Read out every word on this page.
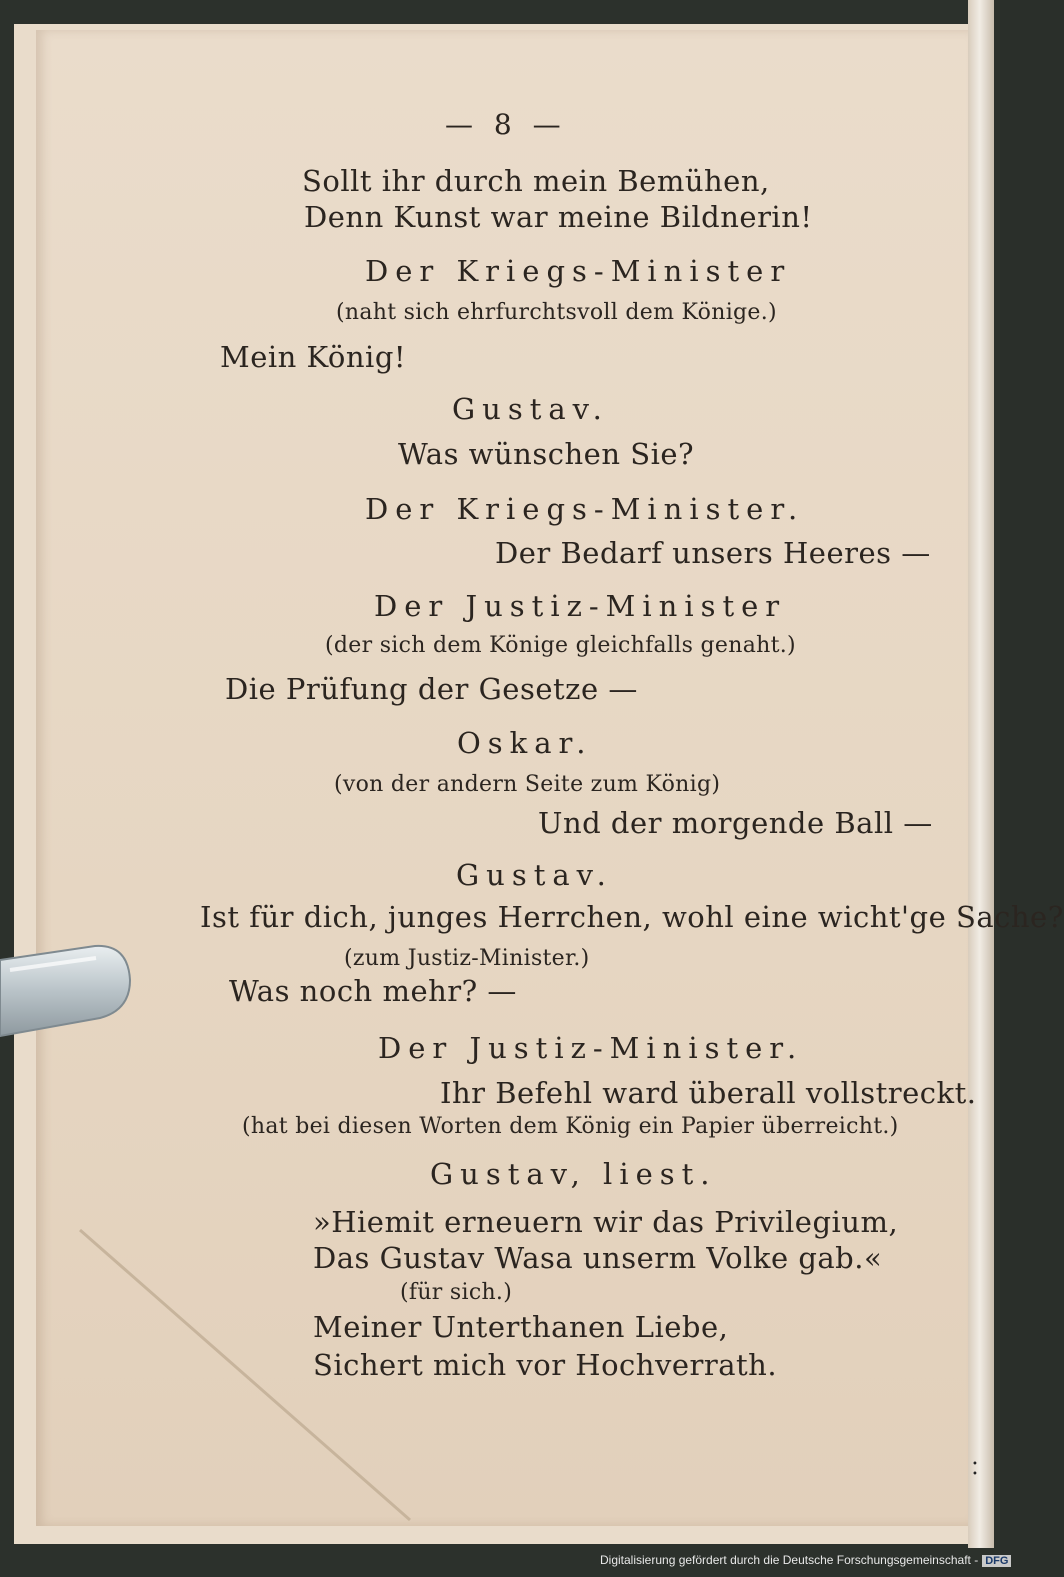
•
•
— 8 —
Sollt ihr durch mein Bemühen,
Denn Kunst war meine Bildnerin!
Der Kriegs-Minister
(naht sich ehrfurchtsvoll dem Könige.)
Mein König!
Gustav.
Was wünschen Sie?
Der Kriegs-Minister.
Der Bedarf unsers Heeres —
Der Justiz-Minister
(der sich dem Könige gleichfalls genaht.)
Die Prüfung der Gesetze —
Oskar.
(von der andern Seite zum König)
Und der morgende Ball —
Gustav.
Ist für dich, junges Herrchen, wohl eine wicht'ge Sache?
(zum Justiz-Minister.)
Was noch mehr? —
Der Justiz-Minister.
Ihr Befehl ward überall vollstreckt.
(hat bei diesen Worten dem König ein Papier überreicht.)
Gustav, liest.
»Hiemit erneuern wir das Privilegium,
Das Gustav Wasa unserm Volke gab.«
(für sich.)
Meiner Unterthanen Liebe,
Sichert mich vor Hochverrath.
Digitalisierung gefördert durch die Deutsche Forschungsgemeinschaft - DFG
